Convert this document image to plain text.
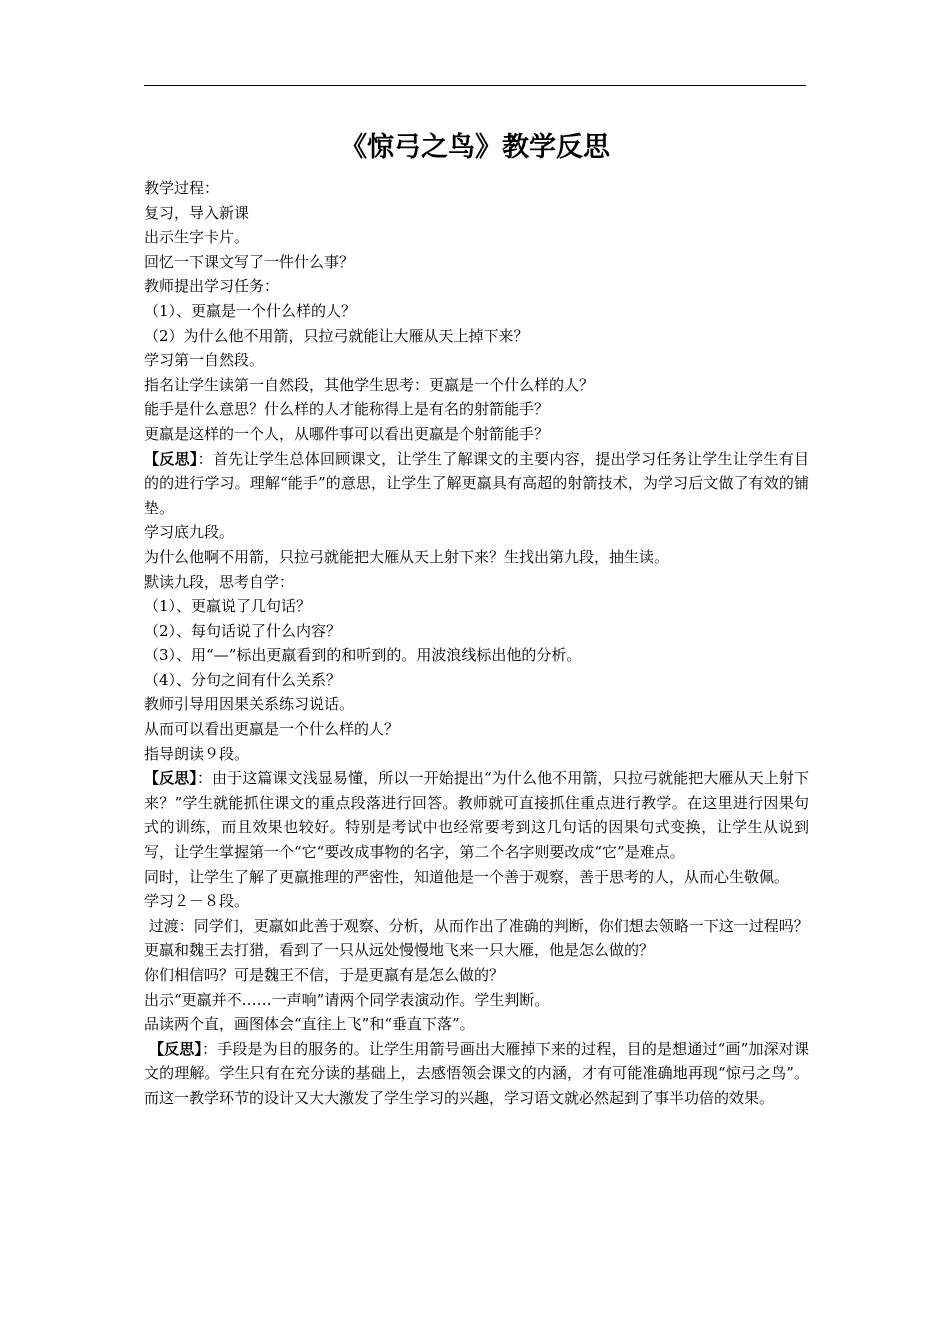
《惊弓之鸟》教学反思
教学过程：
复习，导入新课
出示生字卡片。
回忆一下课文写了一件什么事？
教师提出学习任务：
（1）、更羸是一个什么样的人？
（2）为什么他不用箭，只拉弓就能让大雁从天上掉下来？
学习第一自然段。
指名让学生读第一自然段，其他学生思考：更羸是一个什么样的人？
能手是什么意思？什么样的人才能称得上是有名的射箭能手？
更羸是这样的一个人，从哪件事可以看出更羸是个射箭能手？
【反思】：首先让学生总体回顾课文，让学生了解课文的主要内容，提出学习任务让学生让学生有目的的进行学习。理解“能手”的意思，让学生了解更羸具有高超的射箭技术，为学习后文做了有效的铺垫。
学习底九段。
为什么他啊不用箭，只拉弓就能把大雁从天上射下来？生找出第九段，抽生读。
默读九段，思考自学：
（1）、更羸说了几句话？
（2）、每句话说了什么内容？
（3）、用“—”标出更羸看到的和听到的。用波浪线标出他的分析。
（4）、分句之间有什么关系？
教师引导用因果关系练习说话。
从而可以看出更羸是一个什么样的人？
指导朗读９段。
【反思】：由于这篇课文浅显易懂，所以一开始提出“为什么他不用箭，只拉弓就能把大雁从天上射下来？”学生就能抓住课文的重点段落进行回答。教师就可直接抓住重点进行教学。在这里进行因果句式的训练，而且效果也较好。特别是考试中也经常要考到这几句话的因果句式变换，让学生从说到写，让学生掌握第一个“它“要改成事物的名字，第二个名字则要改成“它”是难点。
同时，让学生了解了更羸推理的严密性，知道他是一个善于观察，善于思考的人，从而心生敬佩。
学习２－８段。
过渡：同学们，更羸如此善于观察、分析，从而作出了准确的判断，你们想去领略一下这一过程吗？
更羸和魏王去打猎，看到了一只从远处慢慢地飞来一只大雁，他是怎么做的？
你们相信吗？可是魏王不信，于是更羸有是怎么做的？
出示“更羸并不……一声响”请两个同学表演动作。学生判断。
品读两个直，画图体会“直往上飞”和“垂直下落”。
【反思】：手段是为目的服务的。让学生用箭号画出大雁掉下来的过程，目的是想通过“画”加深对课文的理解。学生只有在充分读的基础上，去感悟领会课文的内涵，才有可能准确地再现“惊弓之鸟”。而这一教学环节的设计又大大激发了学生学习的兴趣，学习语文就必然起到了事半功倍的效果。
